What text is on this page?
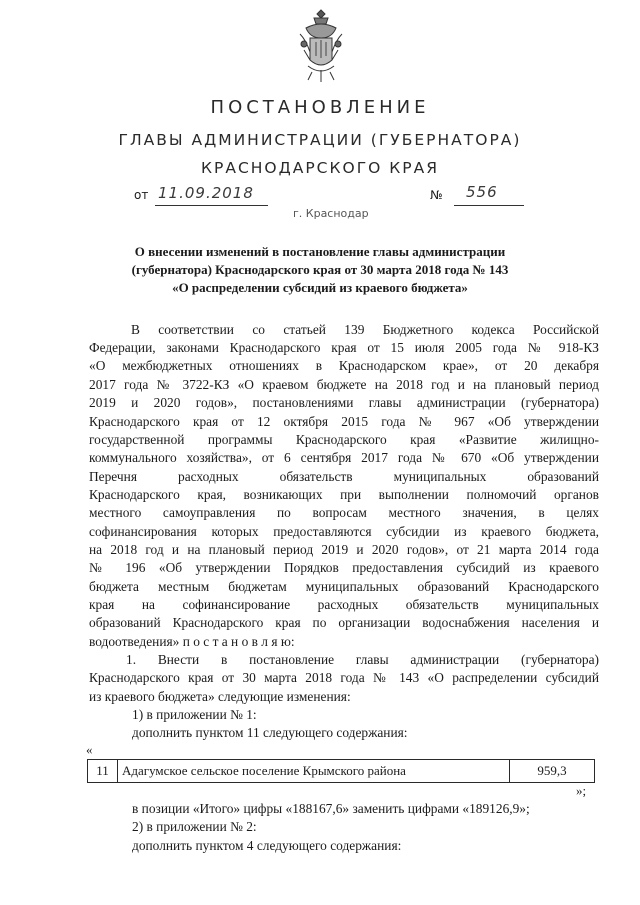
ПОСТАНОВЛЕНИЕ
ГЛАВЫ АДМИНИСТРАЦИИ (ГУБЕРНАТОРА)
КРАСНОДАРСКОГО КРАЯ
от 11.09.2018	№ 556
г. Краснодар
О внесении изменений в постановление главы администрации
(губернатора) Краснодарского края от 30 марта 2018 года № 143
«О распределении субсидий из краевого бюджета»
В соответствии со статьей 139 Бюджетного кодекса Российской
Федерации, законами Краснодарского края от 15 июля 2005 года № 918-КЗ
«О межбюджетных отношениях в Краснодарском крае», от 20 декабря
2017 года № 3722-КЗ «О краевом бюджете на 2018 год и на плановый период
2019 и 2020 годов», постановлениями главы администрации (губернатора)
Краснодарского края от 12 октября 2015 года № 967 «Об утверждении
государственной программы Краснодарского края «Развитие жилищно-
коммунального хозяйства», от 6 сентября 2017 года № 670 «Об утверждении
Перечня расходных обязательств муниципальных образований
Краснодарского края, возникающих при выполнении полномочий органов
местного самоуправления по вопросам местного значения, в целях
софинансирования которых предоставляются субсидии из краевого бюджета,
на 2018 год и на плановый период 2019 и 2020 годов», от 21 марта 2014 года
№ 196 «Об утверждении Порядков предоставления субсидий из краевого
бюджета местным бюджетам муниципальных образований Краснодарского
края на софинансирование расходных обязательств муниципальных
образований Краснодарского края по организации водоснабжения населения и
водоотведения» п о с т а н о в л я ю:
1. Внести в постановление главы администрации (губернатора)
Краснодарского края от 30 марта 2018 года № 143 «О распределении субсидий
из краевого бюджета» следующие изменения:
1) в приложении № 1:
дополнить пунктом 11 следующего содержания:
«
11	Адагумское сельское поселение Крымского района	959,3
»;
в позиции «Итого» цифры «188167,6» заменить цифрами «189126,9»;
2) в приложении № 2:
дополнить пунктом 4 следующего содержания:
